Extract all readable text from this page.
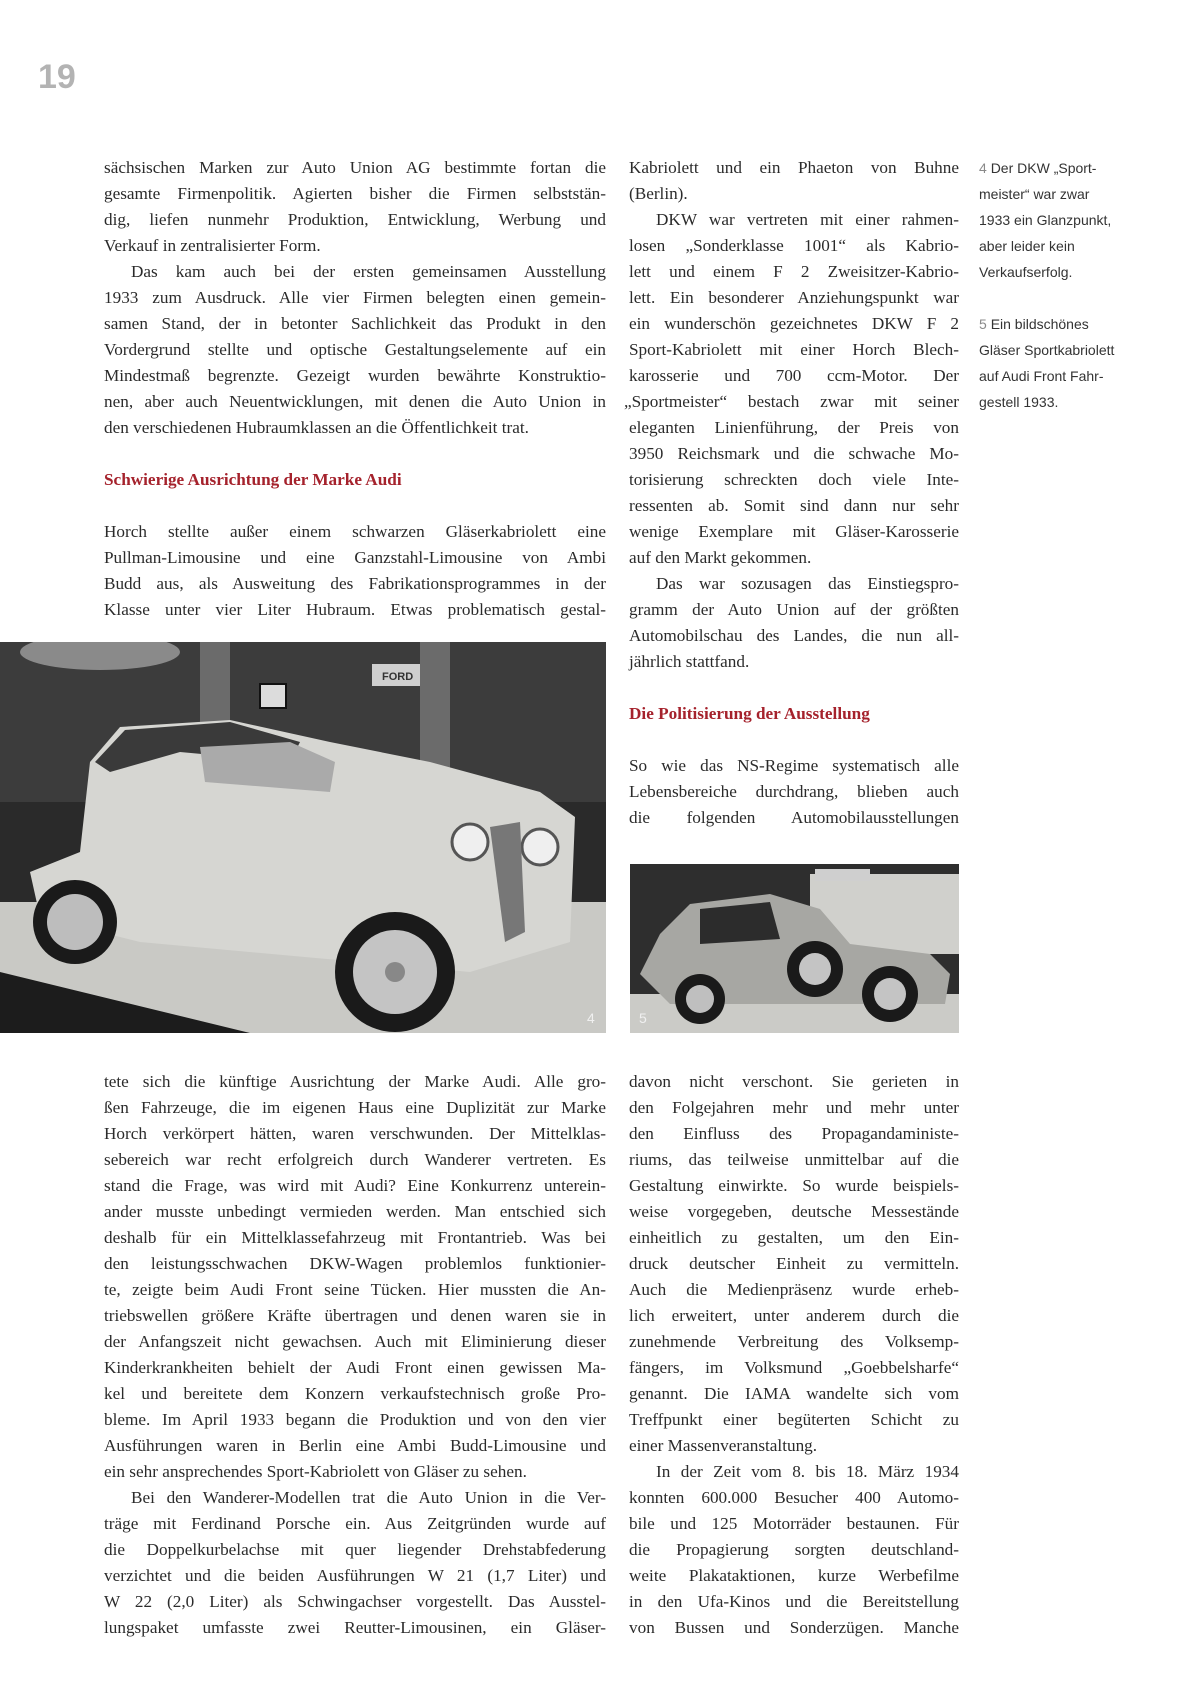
19
sächsischen Marken zur Auto Union AG bestimmte fortan die
gesamte Firmenpolitik. Agierten bisher die Firmen selbststän-
dig, liefen nunmehr Produktion, Entwicklung, Werbung und
Verkauf in zentralisierter Form.
Das kam auch bei der ersten gemeinsamen Ausstellung
1933 zum Ausdruck. Alle vier Firmen belegten einen gemein-
samen Stand, der in betonter Sachlichkeit das Produkt in den
Vordergrund stellte und optische Gestaltungselemente auf ein
Mindestmaß begrenzte. Gezeigt wurden bewährte Konstruktio-
nen, aber auch Neuentwicklungen, mit denen die Auto Union in
den verschiedenen Hubraumklassen an die Öffentlichkeit trat.
Schwierige Ausrichtung der Marke Audi
Horch stellte außer einem schwarzen Gläserkabriolett eine
Pullman-Limousine und eine Ganzstahl-Limousine von Ambi
Budd aus, als Ausweitung des Fabrikationsprogrammes in der
Klasse unter vier Liter Hubraum. Etwas problematisch gestal-
Kabriolett und ein Phaeton von Buhne
(Berlin).
DKW war vertreten mit einer rahmen-
losen „Sonderklasse 1001“ als Kabrio-
lett und einem F 2 Zweisitzer-Kabrio-
lett. Ein besonderer Anziehungspunkt war
ein wunderschön gezeichnetes DKW F 2
Sport-Kabriolett mit einer Horch Blech-
karosserie und 700 ccm-Motor. Der
„Sportmeister“ bestach zwar mit seiner
eleganten Linienführung, der Preis von
3950 Reichsmark und die schwache Mo-
torisierung schreckten doch viele Inte-
ressenten ab. Somit sind dann nur sehr
wenige Exemplare mit Gläser-Karosserie
auf den Markt gekommen.
Das war sozusagen das Einstiegspro-
gramm der Auto Union auf der größten
Automobilschau des Landes, die nun all-
jährlich stattfand.
Die Politisierung der Ausstellung
So wie das NS-Regime systematisch alle
Lebensbereiche durchdrang, blieben auch
die folgenden Automobilausstellungen
4 Der DKW „Sport-
meister“ war zwar
1933 ein Glanzpunkt,
aber leider kein
Verkaufserfolg.
5 Ein bildschönes
Gläser Sportkabriolett
auf Audi Front Fahr-
gestell 1933.
FORD
4	5
tete sich die künftige Ausrichtung der Marke Audi. Alle gro-
ßen Fahrzeuge, die im eigenen Haus eine Duplizität zur Marke
Horch verkörpert hätten, waren verschwunden. Der Mittelklas-
sebereich war recht erfolgreich durch Wanderer vertreten. Es
stand die Frage, was wird mit Audi? Eine Konkurrenz unterein-
ander musste unbedingt vermieden werden. Man entschied sich
deshalb für ein Mittelklassefahrzeug mit Frontantrieb. Was bei
den leistungsschwachen DKW-Wagen problemlos funktionier-
te, zeigte beim Audi Front seine Tücken. Hier mussten die An-
triebswellen größere Kräfte übertragen und denen waren sie in
der Anfangszeit nicht gewachsen. Auch mit Eliminierung dieser
Kinderkrankheiten behielt der Audi Front einen gewissen Ma-
kel und bereitete dem Konzern verkaufstechnisch große Pro-
bleme. Im April 1933 begann die Produktion und von den vier
Ausführungen waren in Berlin eine Ambi Budd-Limousine und
ein sehr ansprechendes Sport-Kabriolett von Gläser zu sehen.
Bei den Wanderer-Modellen trat die Auto Union in die Ver-
träge mit Ferdinand Porsche ein. Aus Zeitgründen wurde auf
die Doppelkurbelachse mit quer liegender Drehstabfederung
verzichtet und die beiden Ausführungen W 21 (1,7 Liter) und
W 22 (2,0 Liter) als Schwingachser vorgestellt. Das Ausstel-
lungspaket umfasste zwei Reutter-Limousinen, ein Gläser-
davon nicht verschont. Sie gerieten in
den Folgejahren mehr und mehr unter
den Einfluss des Propagandaministe-
riums, das teilweise unmittelbar auf die
Gestaltung einwirkte. So wurde beispiels-
weise vorgegeben, deutsche Messestände
einheitlich zu gestalten, um den Ein-
druck deutscher Einheit zu vermitteln.
Auch die Medienpräsenz wurde erheb-
lich erweitert, unter anderem durch die
zunehmende Verbreitung des Volksemp-
fängers, im Volksmund „Goebbelsharfe“
genannt. Die IAMA wandelte sich vom
Treffpunkt einer begüterten Schicht zu
einer Massenveranstaltung.
In der Zeit vom 8. bis 18. März 1934
konnten 600.000 Besucher 400 Automo-
bile und 125 Motorräder bestaunen. Für
die Propagierung sorgten deutschland-
weite Plakataktionen, kurze Werbefilme
in den Ufa-Kinos und die Bereitstellung
von Bussen und Sonderzügen. Manche
